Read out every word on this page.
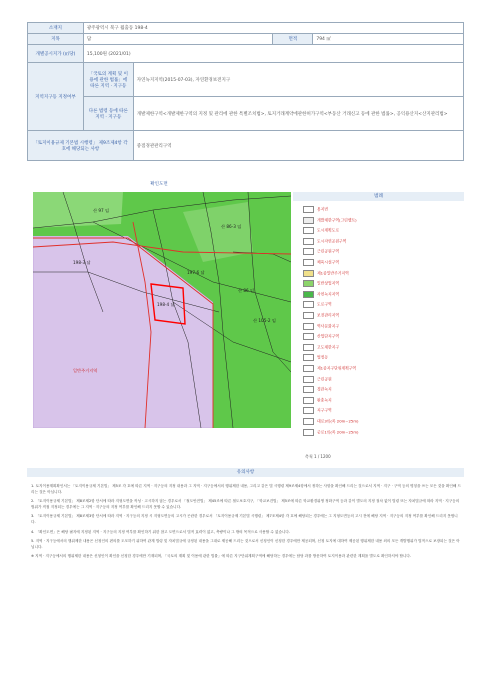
소재지	광주광역시 북구 월출동 198-4			
지목	답		면적	794 ㎡
개별공시지가 (㎡당)	15,100원 (2021/01)			
지역지구등 지정여부	「국토의 계획 및 이용에 관한 법률」에 따른 지역 · 지구등	자연녹지지역(2015-07-03), 자연환경보전지구		
	다른 법령 등에 따른 지역 · 지구등	개발제한구역<개발제한구역의 지정 및 관리에 관한 특별조치법>, 토지거래계약에관한허가구역<부동산 거래신고 등에 관한 법률>, 공익용산지<산지관리법>		
「토지이용규제 기본법 시행령」 제9조제4항 각 호에 해당되는 사항		중점경관관리구역		
확인도면
198-4 답
산 86-3 임
197-6 답
산 86 임
산 105-2 임
산 97 임
198-3 답
일반주거지역
범례
용지번
개발제한구역(그린벨트)
도시계획도로
도시자연공원구역
근린공원구역
체육시설구역
제1종일반주거지역
일반상업지역
자연녹지지역
도로구역
보전관리지역
역사문화지구
산업단지구역
고도제한지구
법정동
제1종지구단위계획구역
근린공원
경관녹지
완충녹지
지구구역
대로3류(폭 20m~25m)
중로1류(폭 20m~25m)
축척 1 / 1200
유의사항

1. 토지이용계획확인서는 「토지이용규제 기본법」 제5조 각 호에 따른 지역 · 지구등의 지정 내용과 그 지역 · 지구등에서의 행위제한 내용, 그리고 같은 법 시행령 제9조제4항에서 정하는 사항을 확인해 드리는 것으로서 지역 · 지구 · 구역 등의 명칭을 쓰는 모든 것을 확인해 드리는 것은 아닙니다.

2. 「토지이용규제 기본법」 제8조제2항 단서에 따라 지형도면을 작성 · 고시하지 않는 경우로서 「철도안전법」 제45조에 따른 철도보호지구, 「학교보건법」 제5조에 따른 학교환경위생 정화구역 등과 같이 별도의 지정 절차 없이 법령 또는 자치법규에 따라 지역 · 지구등의 범위가 직접 지정되는 경우에는 그 지역 · 지구등의 지정 여부를 확인해 드리지 못할 수 있습니다.

3. 「토지이용규제 기본법」 제8조제3항 단서에 따라 지역 · 지구등의 지정 시 지형도면등의 고시가 곤란한 경우로서 「토지이용규제 기본법 시행령」 제7조제4항 각 호에 해당되는 경우에는 그 지형도면등의 고시 전에 해당 지역 · 지구등의 지정 여부를 확인해 드리지 못합니다.

4. 「확인도면」은 해당 필지에 지정된 지역 · 지구등의 지정 여부를 확인하기 위한 참고 도면으로서 법적 효력이 없고, 측량이나 그 밖의 목적으로 사용할 수 없습니다.

5. 지역 · 지구등에서의 행위제한 내용은 신청인의 편의를 도모하기 위하여 관계 법령 및 자치법규에 규정된 내용을 그대로 제공해 드리는 것으로서 신청인이 신청한 경우에만 제공되며, 신청 토지에 대하여 제공된 행위제한 내용 외의 모든 개발행위가 법적으로 보장되는 것은 아닙니다.

※ 지역 · 지구등에서의 행위제한 내용은 신청인이 확인을 신청한 경우에만 기재되며, 「국토의 계획 및 이용에 관한 법률」에 따른 지구단위계획구역에 해당하는 경우에는 담당 과를 방문하여 토지이용과 관련한 계획을 별도로 확인하셔야 합니다.
